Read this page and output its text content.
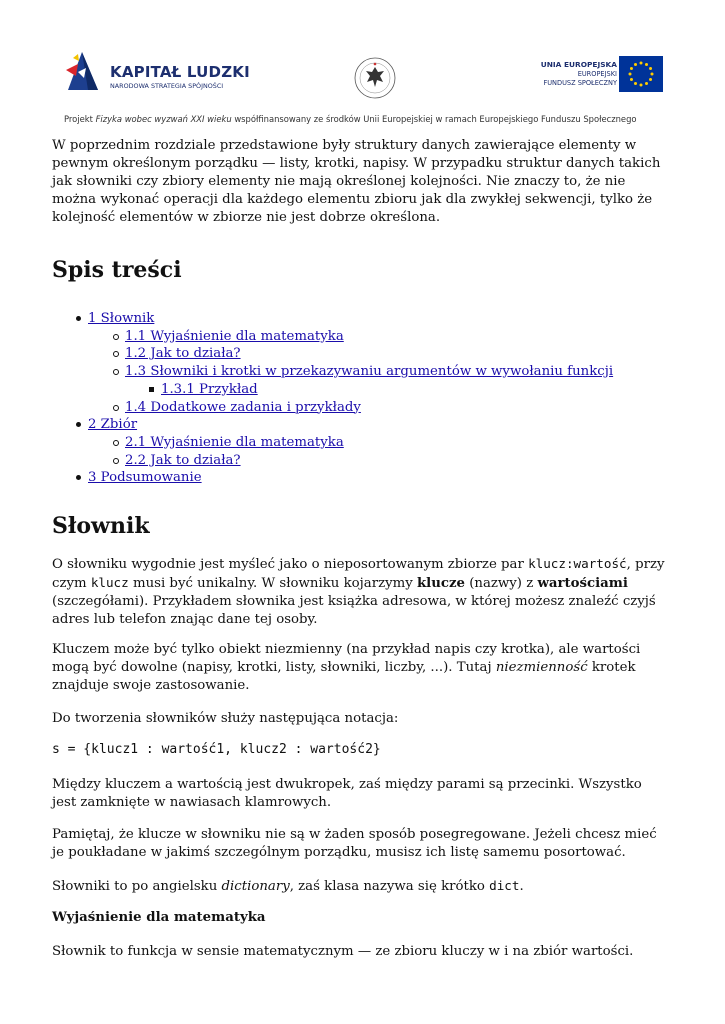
KAPITAŁ LUDZKI
NARODOWA STRATEGIA SPÓJNOŚCI
UNIA EUROPEJSKA
EUROPEJSKI
FUNDUSZ SPOŁECZNY
Projekt Fizyka wobec wyzwań XXI wieku współfinansowany ze środków Unii Europejskiej w ramach Europejskiego Funduszu Społecznego

W poprzednim rozdziale przedstawione były struktury danych zawierające elementy w pewnym określonym porządku — listy, krotki, napisy. W przypadku struktur danych takich jak słowniki czy zbiory elementy nie mają określonej kolejności. Nie znaczy to, że nie można wykonać operacji dla każdego elementu zbioru jak dla zwykłej sekwencji, tylko że kolejność elementów w zbiorze nie jest dobrze określona.

Spis treści
1 Słownik
1.1 Wyjaśnienie dla matematyka
1.2 Jak to działa?
1.3 Słowniki i krotki w przekazywaniu argumentów w wywołaniu funkcji
1.3.1 Przykład
1.4 Dodatkowe zadania i przykłady
2 Zbiór
2.1 Wyjaśnienie dla matematyka
2.2 Jak to działa?
3 Podsumowanie
Słownik

O słowniku wygodnie jest myśleć jako o nieposortowanym zbiorze par klucz:wartość, przy czym klucz musi być unikalny. W słowniku kojarzymy klucze (nazwy) z wartościami (szczegółami). Przykładem słownika jest książka adresowa, w której możesz znaleźć czyjś adres lub telefon znając dane tej osoby.

Kluczem może być tylko obiekt niezmienny (na przykład napis czy krotka), ale wartości mogą być dowolne (napisy, krotki, listy, słowniki, liczby, ...). Tutaj niezmienność krotek znajduje swoje zastosowanie.

Do tworzenia słowników służy następująca notacja:

s = {klucz1 : wartość1, klucz2 : wartość2}

Między kluczem a wartością jest dwukropek, zaś między parami są przecinki. Wszystko jest zamknięte w nawiasach klamrowych.

Pamiętaj, że klucze w słowniku nie są w żaden sposób posegregowane. Jeżeli chcesz mieć je poukładane w jakimś szczególnym porządku, musisz ich listę samemu posortować.

Słowniki to po angielsku dictionary, zaś klasa nazywa się krótko dict.

Wyjaśnienie dla matematyka

Słownik to funkcja w sensie matematycznym — ze zbioru kluczy w i na zbiór wartości.
